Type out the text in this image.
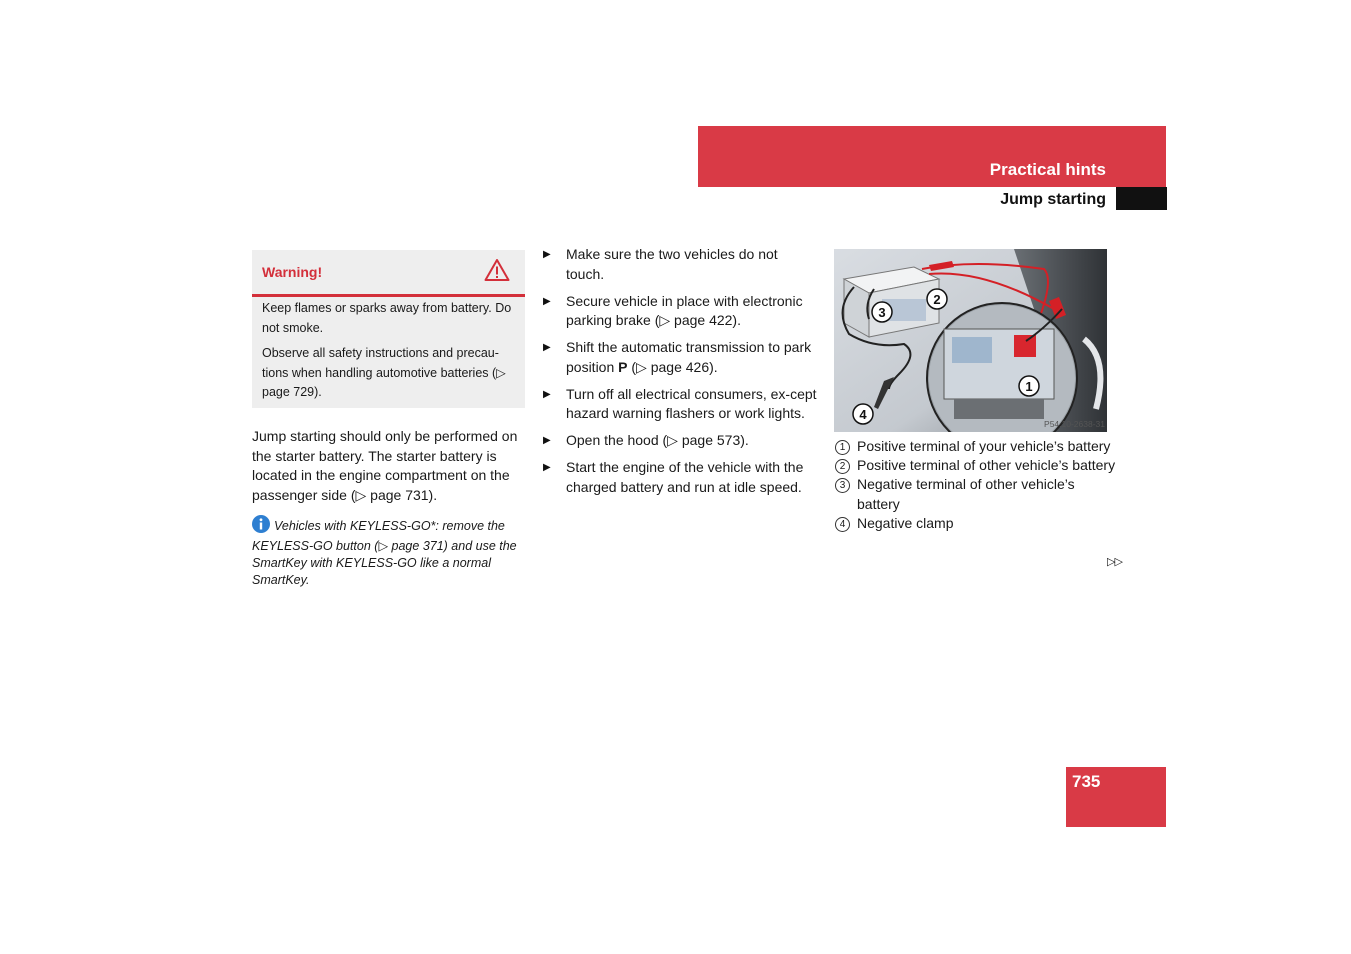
Practical hints
Jump starting
Warning!
Keep flames or sparks away from battery. Do not smoke.
Observe all safety instructions and precau-tions when handling automotive batteries (▷ page 729).
Jump starting should only be performed on the starter battery. The starter battery is located in the engine compartment on the passenger side (▷ page 731).
Vehicles with KEYLESS-GO*: remove the KEYLESS-GO button (▷ page 371) and use the SmartKey with KEYLESS-GO like a normal SmartKey.
▶ Make sure the two vehicles do not touch.
▶ Secure vehicle in place with electronic parking brake (▷ page 422).
▶ Shift the automatic transmission to park position P (▷ page 426).
▶ Turn off all electrical consumers, ex-cept hazard warning flashers or work lights.
▶ Open the hood (▷ page 573).
▶ Start the engine of the vehicle with the charged battery and run at idle speed.
1
2
3
4
P54.10-2638-31
1 Positive terminal of your vehicle’s battery
2 Positive terminal of other vehicle’s battery
3 Negative terminal of other vehicle’s battery
4 Negative clamp
▷▷
735
